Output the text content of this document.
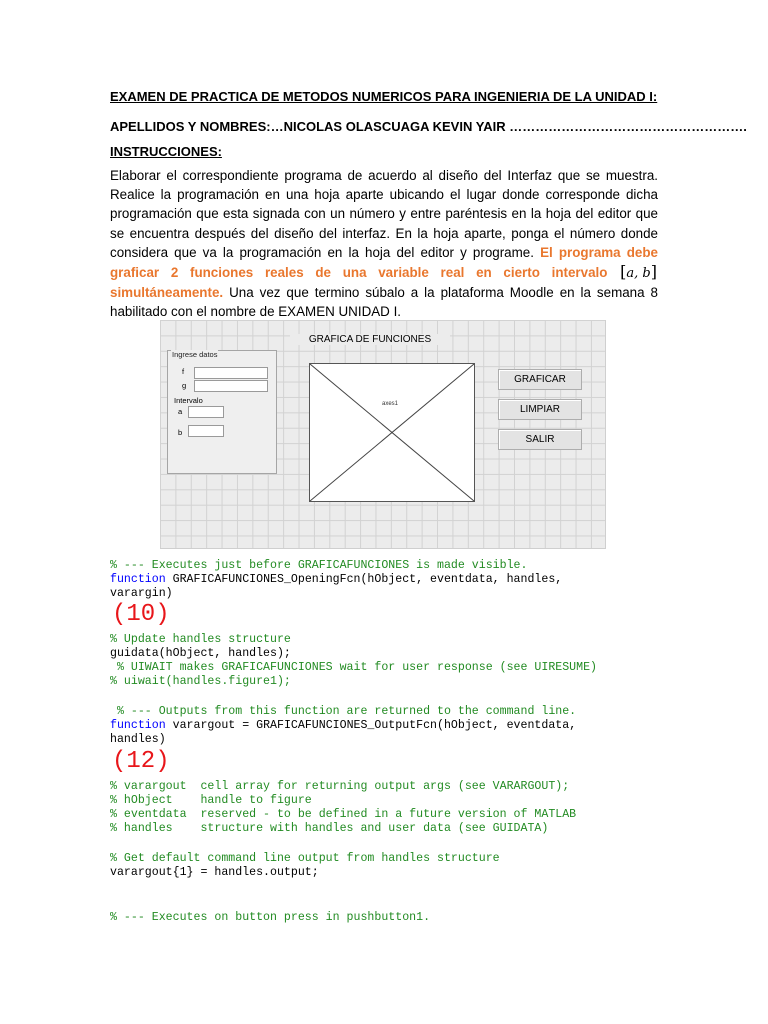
EXAMEN DE PRACTICA DE METODOS NUMERICOS PARA INGENIERIA DE LA UNIDAD I:
APELLIDOS Y NOMBRES:…NICOLAS OLASCUAGA KEVIN YAIR ……………………………………………….
INSTRUCCIONES:
Elaborar el correspondiente programa de acuerdo al diseño del Interfaz que se muestra. Realice la programación en una hoja aparte ubicando el lugar donde corresponde dicha programación que esta signada con un número y entre paréntesis en la hoja del editor que se encuentra después del diseño del interfaz. En la hoja aparte, ponga el número donde considera que va la programación en la hoja del editor y programe. El programa debe graficar 2 funciones reales de una variable real en cierto intervalo [a, b] simultáneamente. Una vez que termino súbalo a la plataforma Moodle en la semana 8 habilitado con el nombre de EXAMEN UNIDAD I.
GRAFICA DE FUNCIONES
Ingrese datos
f
g
Intervalo
a
b
axes1
GRAFICAR
LIMPIAR
SALIR
% --- Executes just before GRAFICAFUNCIONES is made visible.
function GRAFICAFUNCIONES_OpeningFcn(hObject, eventdata, handles,
varargin)
(10)
% Update handles structure
guidata(hObject, handles);
% UIWAIT makes GRAFICAFUNCIONES wait for user response (see UIRESUME)
% uiwait(handles.figure1);
% --- Outputs from this function are returned to the command line.
function varargout = GRAFICAFUNCIONES_OutputFcn(hObject, eventdata,
handles)
(12)
% varargout  cell array for returning output args (see VARARGOUT);
% hObject    handle to figure
% eventdata  reserved - to be defined in a future version of MATLAB
% handles    structure with handles and user data (see GUIDATA)
% Get default command line output from handles structure
varargout{1} = handles.output;
% --- Executes on button press in pushbutton1.
